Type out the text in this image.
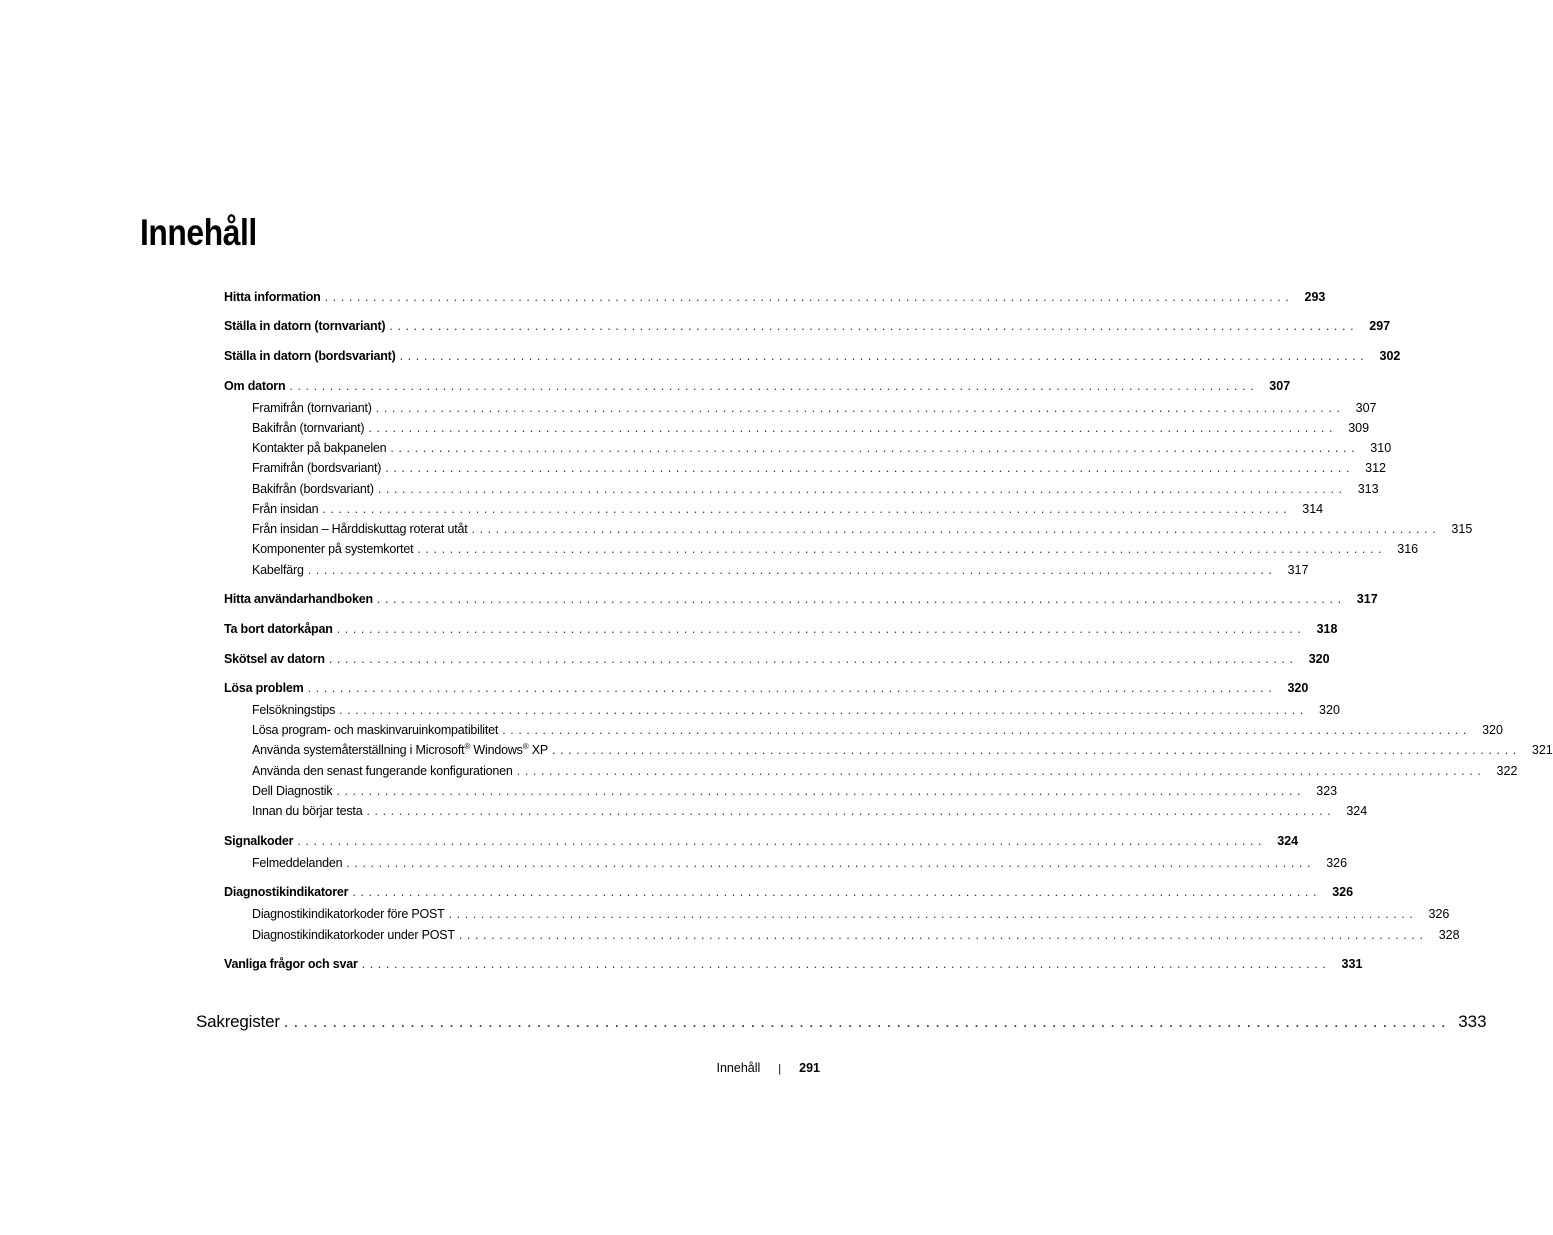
Innehåll
Hitta information ........................................................................................................................ 293
Ställa in datorn (tornvariant) ........................................................................................................................ 297
Ställa in datorn (bordsvariant) ........................................................................................................................ 302
Om datorn ........................................................................................................................ 307
Framifrån (tornvariant) ........................................................................................................................ 307
Bakifrån (tornvariant) ........................................................................................................................ 309
Kontakter på bakpanelen ........................................................................................................................ 310
Framifrån (bordsvariant) ........................................................................................................................ 312
Bakifrån (bordsvariant) ........................................................................................................................ 313
Från insidan ........................................................................................................................ 314
Från insidan – Hårddiskuttag roterat utåt ........................................................................................................................ 315
Komponenter på systemkortet ........................................................................................................................ 316
Kabelfärg ........................................................................................................................ 317
Hitta användarhandboken ........................................................................................................................ 317
Ta bort datorkåpan ........................................................................................................................ 318
Skötsel av datorn ........................................................................................................................ 320
Lösa problem ........................................................................................................................ 320
Felsökningstips ........................................................................................................................ 320
Lösa program- och maskinvaruinkompatibilitet ........................................................................................................................ 320
Använda systemåterställning i Microsoft® Windows® XP ........................................................................................................................ 321
Använda den senast fungerande konfigurationen ........................................................................................................................ 322
Dell Diagnostik ........................................................................................................................ 323
Innan du börjar testa ........................................................................................................................ 324
Signalkoder ........................................................................................................................ 324
Felmeddelanden ........................................................................................................................ 326
Diagnostikindikatorer ........................................................................................................................ 326
Diagnostikindikatorkoder före POST ........................................................................................................................ 326
Diagnostikindikatorkoder under POST ........................................................................................................................ 328
Vanliga frågor och svar ........................................................................................................................ 331
Sakregister ........................................................................................................................ 333
Innehåll | 291
